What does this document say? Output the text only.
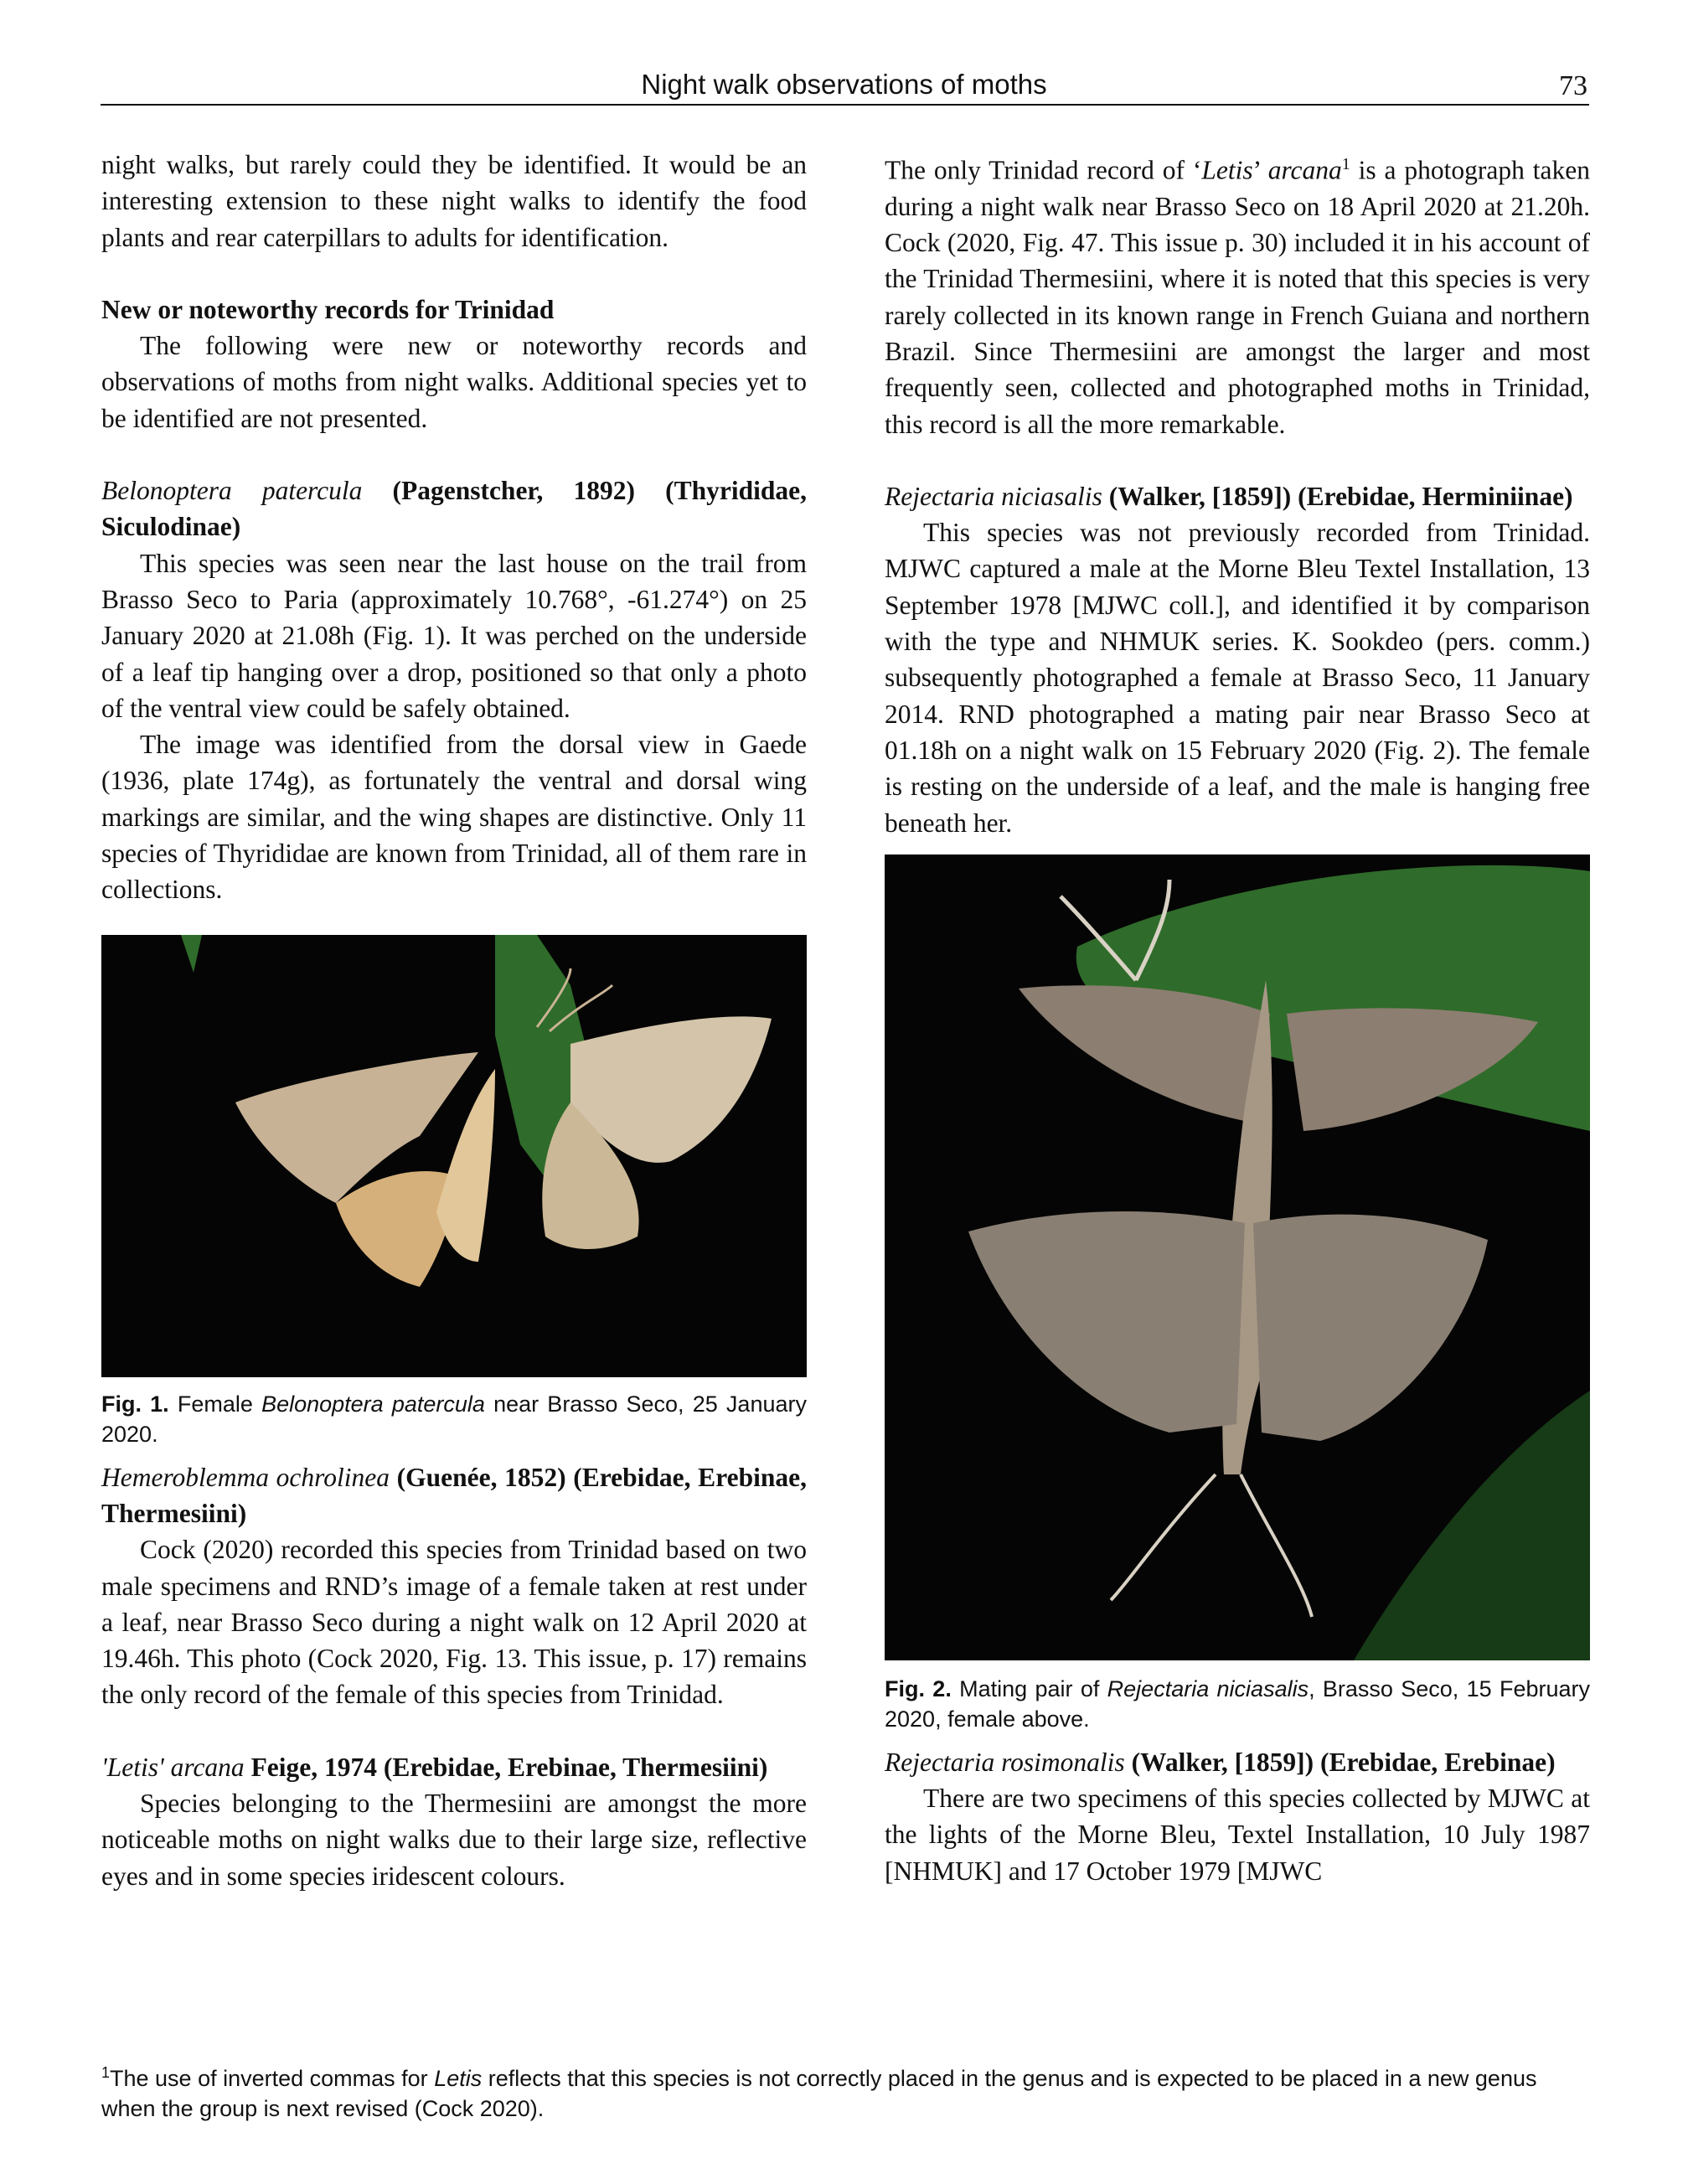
Night walk observations of moths	73

night walks, but rarely could they be identified. It would be an interesting extension to these night walks to identify the food plants and rear caterpillars to adults for identification.

New or noteworthy records for Trinidad

The following were new or noteworthy records and observations of moths from night walks. Additional species yet to be identified are not presented.

Belonoptera patercula (Pagenstcher, 1892) (Thyrididae, Siculodinae)

This species was seen near the last house on the trail from Brasso Seco to Paria (approximately 10.768°, -61.274°) on 25 January 2020 at 21.08h (Fig. 1). It was perched on the underside of a leaf tip hanging over a drop, positioned so that only a photo of the ventral view could be safely obtained.

The image was identified from the dorsal view in Gaede (1936, plate 174g), as fortunately the ventral and dorsal wing markings are similar, and the wing shapes are distinctive. Only 11 species of Thyrididae are known from Trinidad, all of them rare in collections.

Fig. 1. Female Belonoptera patercula near Brasso Seco, 25 January 2020.

Hemeroblemma ochrolinea (Guenée, 1852) (Erebidae, Erebinae, Thermesiini)

Cock (2020) recorded this species from Trinidad based on two male specimens and RND’s image of a female taken at rest under a leaf, near Brasso Seco during a night walk on 12 April 2020 at 19.46h. This photo (Cock 2020, Fig. 13. This issue, p. 17) remains the only record of the female of this species from Trinidad.

'Letis' arcana Feige, 1974 (Erebidae, Erebinae, Thermesiini)

Species belonging to the Thermesiini are amongst the more noticeable moths on night walks due to their large size, reflective eyes and in some species iridescent colours.

The only Trinidad record of ‘Letis’ arcana$^1$ is a photograph taken during a night walk near Brasso Seco on 18 April 2020 at 21.20h. Cock (2020, Fig. 47. This issue p. 30) included it in his account of the Trinidad Thermesiini, where it is noted that this species is very rarely collected in its known range in French Guiana and northern Brazil. Since Thermesiini are amongst the larger and most frequently seen, collected and photographed moths in Trinidad, this record is all the more remarkable.

Rejectaria niciasalis (Walker, [1859]) (Erebidae, Herminiinae)

This species was not previously recorded from Trinidad. MJWC captured a male at the Morne Bleu Textel Installation, 13 September 1978 [MJWC coll.], and identified it by comparison with the type and NHMUK series. K. Sookdeo (pers. comm.) subsequently photographed a female at Brasso Seco, 11 January 2014. RND photographed a mating pair near Brasso Seco at 01.18h on a night walk on 15 February 2020 (Fig. 2). The female is resting on the underside of a leaf, and the male is hanging free beneath her.

Fig. 2. Mating pair of Rejectaria niciasalis, Brasso Seco, 15 February 2020, female above.

Rejectaria rosimonalis (Walker, [1859]) (Erebidae, Erebinae)

There are two specimens of this species collected by MJWC at the lights of the Morne Bleu, Textel Installation, 10 July 1987 [NHMUK] and 17 October 1979 [MJWC

$^1$The use of inverted commas for Letis reflects that this species is not correctly placed in the genus and is expected to be placed in a new genus when the group is next revised (Cock 2020).
